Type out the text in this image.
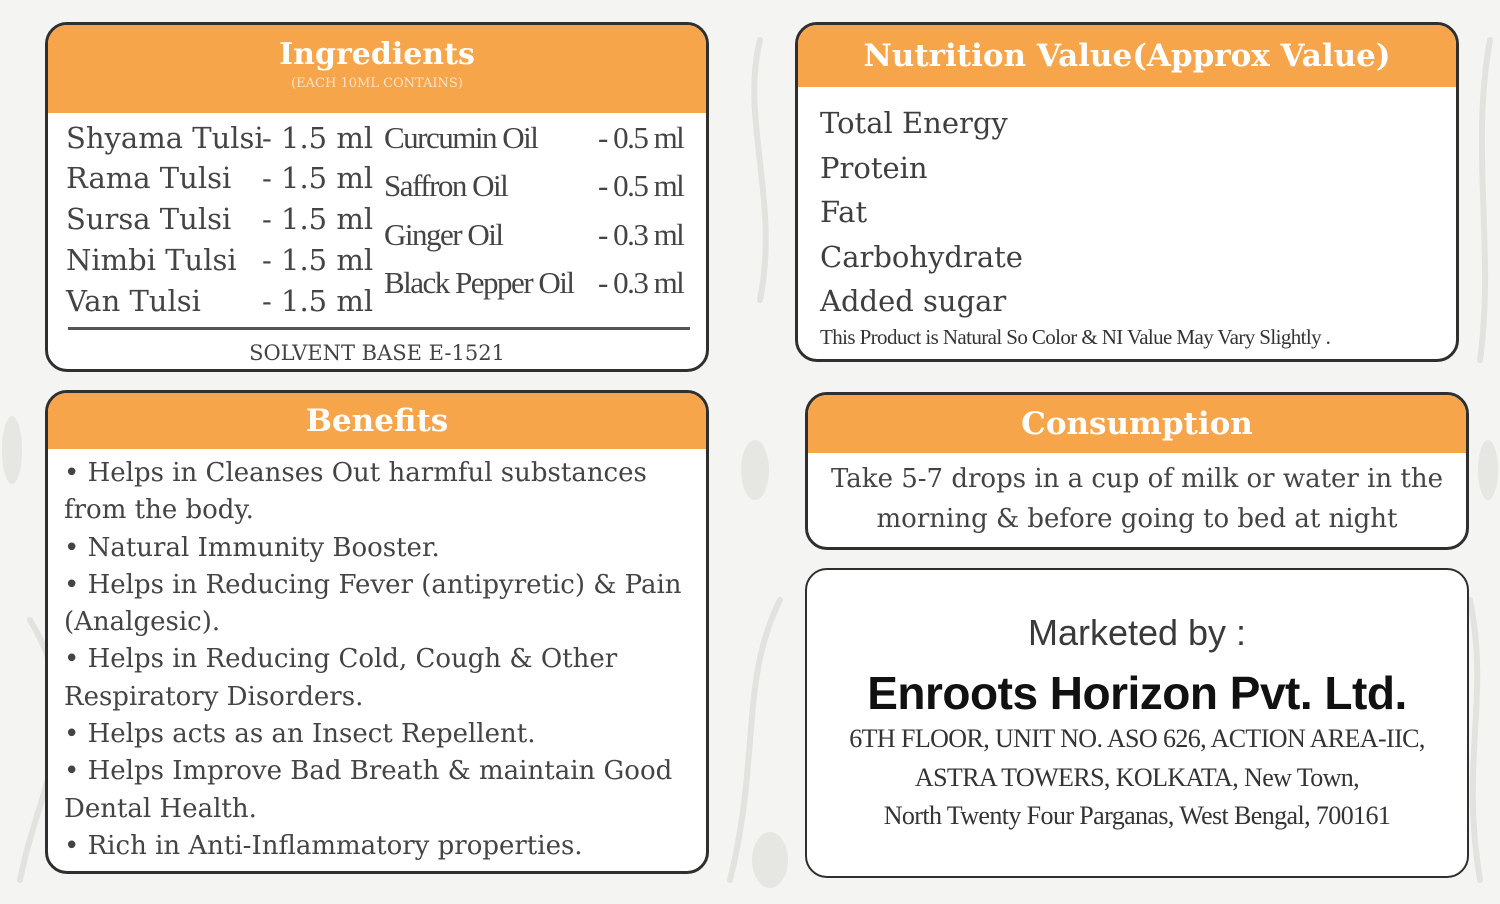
Ingredients
(EACH 10ML CONTAINS)
Shyama Tulsi
- 1.5 ml
Rama Tulsi - 1.5 ml
Sursa Tulsi - 1.5 ml
Nimbi Tulsi - 1.5 ml
Van Tulsi - 1.5 ml
Curcumin Oil - 0.5 ml
Saffron Oil	- 0.5 ml
Ginger Oil	- 0.3 ml
Black Pepper Oil - 0.3 ml
SOLVENT BASE E-1521
Nutrition Value(Approx Value)
Total Energy
Protein
Fat
Carbohydrate
Added sugar
This Product is Natural So Color & NI Value May Vary Slightly .
Benefits
• Helps in Cleanses Out harmful substances from the body.
• Natural Immunity Booster.
• Helps in Reducing Fever (antipyretic) & Pain (Analgesic).
• Helps in Reducing Cold, Cough & Other Respiratory Disorders.
• Helps acts as an Insect Repellent.
• Helps Improve Bad Breath & maintain Good Dental Health.
• Rich in Anti-Inflammatory properties.
Consumption
Take 5-7 drops in a cup of milk or water in the morning & before going to bed at night
Marketed by :
Enroots Horizon Pvt. Ltd.
6TH FLOOR, UNIT NO. ASO 626, ACTION AREA-IIC,
ASTRA TOWERS, KOLKATA, New Town,
North Twenty Four Parganas, West Bengal, 700161
